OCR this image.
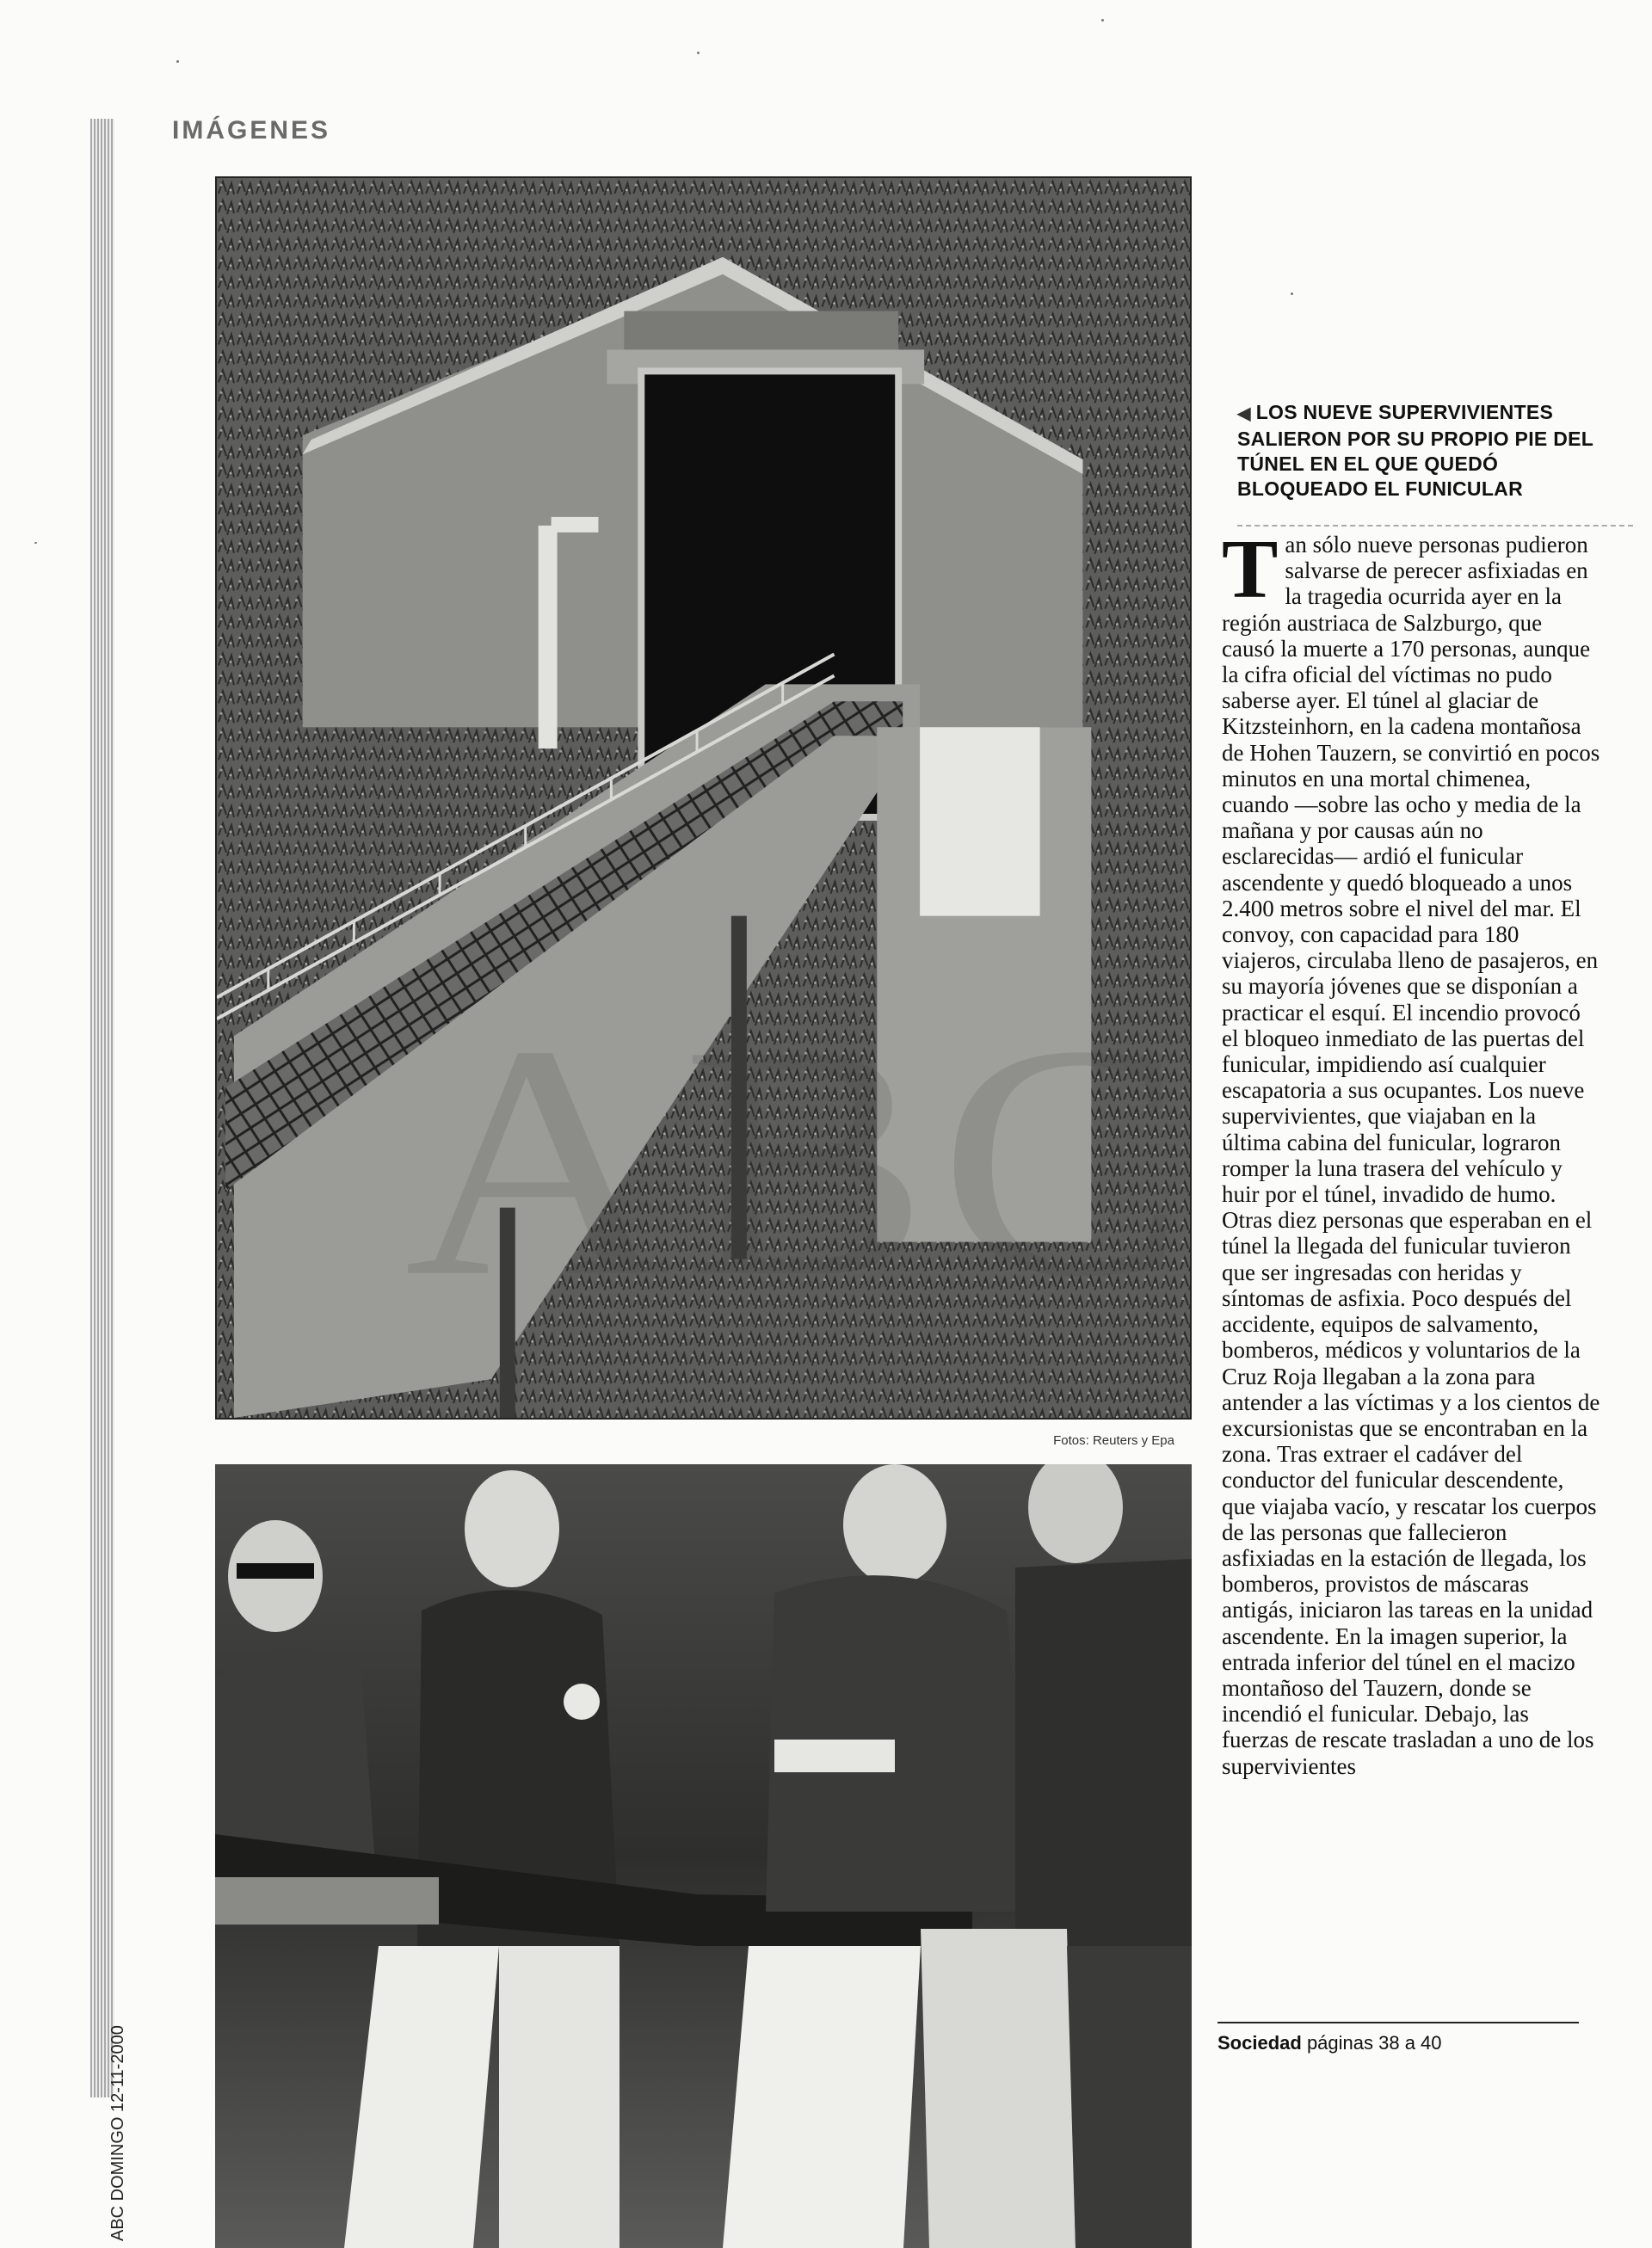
IMÁGENES
Fotos: Reuters y Epa
◀ LOS NUEVE SUPERVIVIENTES SALIERON POR SU PROPIO PIE DEL TÚNEL EN EL QUE QUEDÓ BLOQUEADO EL FUNICULAR
Tan sólo nueve personas pudieron salvarse de perecer asfixiadas en la tragedia ocurrida ayer en la región austriaca de Salzburgo, que causó la muerte a 170 personas, aunque la cifra oficial del víctimas no pudo saberse ayer. El túnel al glaciar de Kitzsteinhorn, en la cadena montañosa de Hohen Tauzern, se convirtió en pocos minutos en una mortal chimenea, cuando —sobre las ocho y media de la mañana y por causas aún no esclarecidas— ardió el funicular ascendente y quedó bloqueado a unos 2.400 metros sobre el nivel del mar. El convoy, con capacidad para 180 viajeros, circulaba lleno de pasajeros, en su mayoría jóvenes que se disponían a practicar el esquí. El incendio provocó el bloqueo inmediato de las puertas del funicular, impidiendo así cualquier escapatoria a sus ocupantes. Los nueve supervivientes, que viajaban en la última cabina del funicular, lograron romper la luna trasera del vehículo y huir por el túnel, invadido de humo. Otras diez personas que esperaban en el túnel la llegada del funicular tuvieron que ser ingresadas con heridas y síntomas de asfixia. Poco después del accidente, equipos de salvamento, bomberos, médicos y voluntarios de la Cruz Roja llegaban a la zona para antender a las víctimas y a los cientos de excursionistas que se encontraban en la zona. Tras extraer el cadáver del conductor del funicular descendente, que viajaba vacío, y rescatar los cuerpos de las personas que fallecieron asfixiadas en la estación de llegada, los bomberos, provistos de máscaras antigás, iniciaron las tareas en la unidad ascendente. En la imagen superior, la entrada inferior del túnel en el macizo montañoso del Tauzern, donde se incendió el funicular. Debajo, las fuerzas de rescate trasladan a uno de los supervivientes
Sociedad páginas 38 a 40
ABC DOMINGO 12-11-2000
